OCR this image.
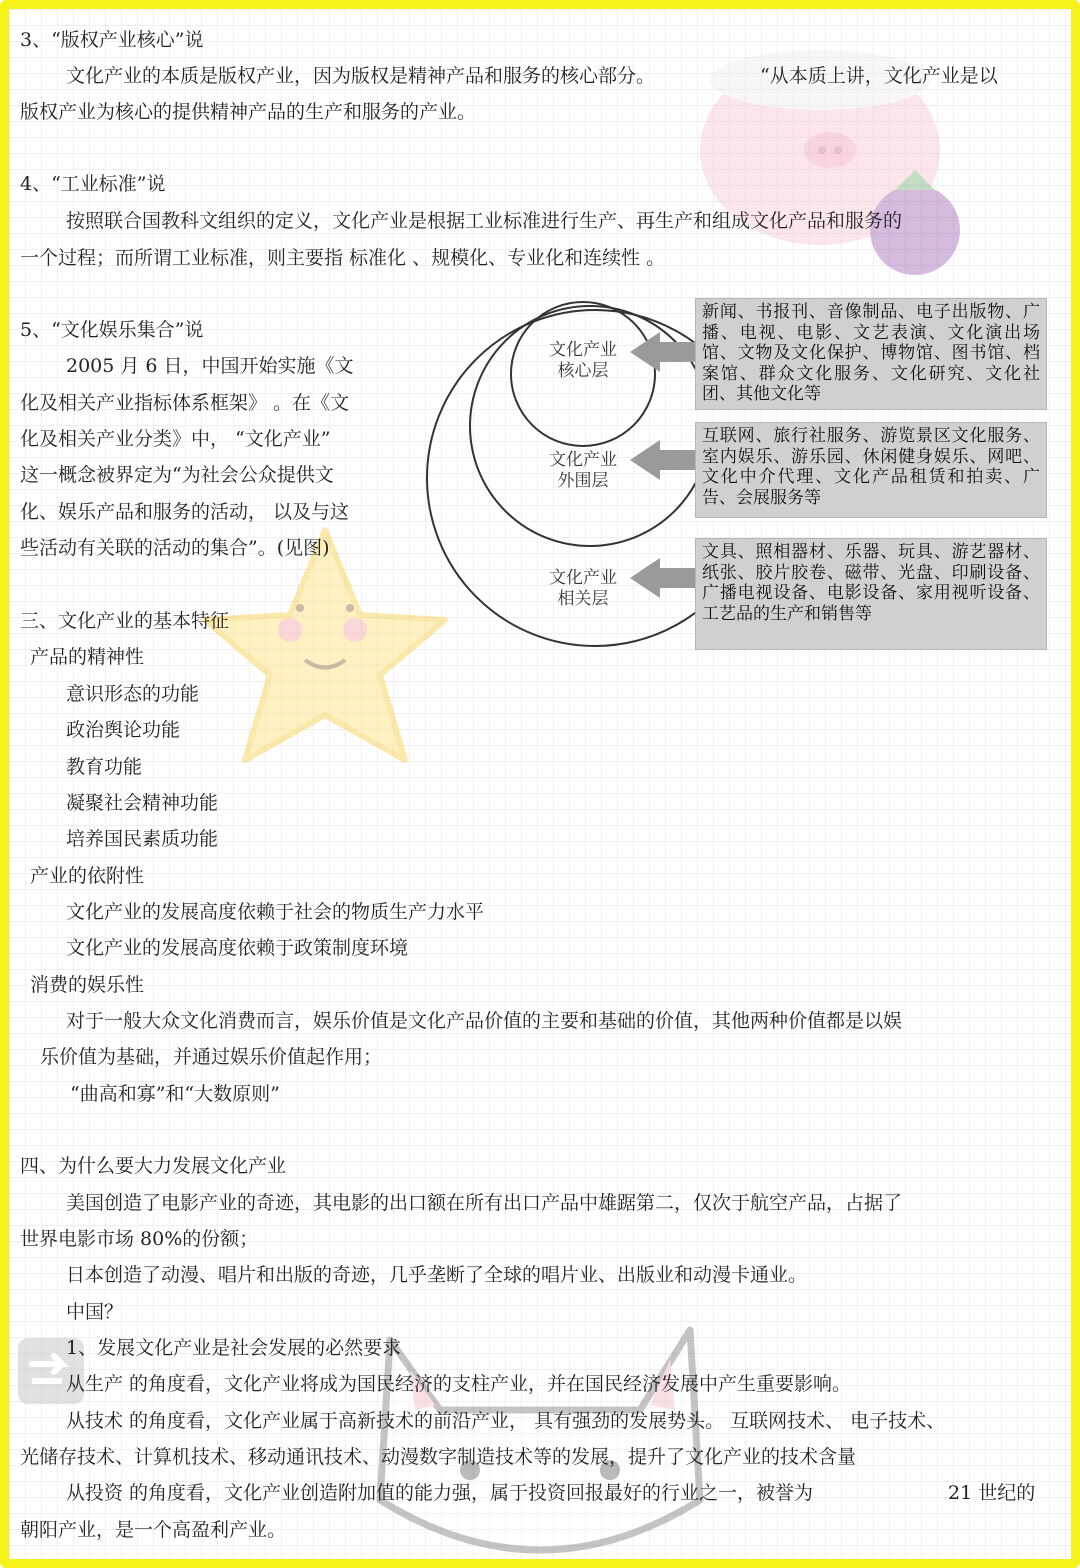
3、“版权产业核心”说
文化产业的本质是版权产业，因为版权是精神产品和服务的核心部分。	“从本质上讲，文化产业是以
版权产业为核心的提供精神产品的生产和服务的产业。
4、“工业标准”说
按照联合国教科文组织的定义，文化产业是根据工业标准进行生产、再生产和组成文化产品和服务的
一个过程；而所谓工业标准，则主要指 标准化 、规模化、专业化和连续性 。
5、“文化娱乐集合”说
2005 月 6 日，中国开始实施《文
化及相关产业指标体系框架》 。在《文
化及相关产业分类》中， “文化产业”
这一概念被界定为“为社会公众提供文
化、娱乐产品和服务的活动， 以及与这
些活动有关联的活动的集合”。(见图)
文化产业
核心层
文化产业
外围层
文化产业
相关层
新闻、书报刊、音像制品、电子出版物、广播、电视、电影、文艺表演、文化演出场馆、文物及文化保护、博物馆、图书馆、档案馆、群众文化服务、文化研究、文化社团、其他文化等
互联网、旅行社服务、游览景区文化服务、室内娱乐、游乐园、休闲健身娱乐、网吧、文化中介代理、文化产品租赁和拍卖、广告、会展服务等
文具、照相器材、乐器、玩具、游艺器材、纸张、胶片胶卷、磁带、光盘、印刷设备、广播电视设备、电影设备、家用视听设备、工艺品的生产和销售等
三、文化产业的基本特征
产品的精神性
意识形态的功能
政治舆论功能
教育功能
凝聚社会精神功能
培养国民素质功能
产业的依附性
文化产业的发展高度依赖于社会的物质生产力水平
文化产业的发展高度依赖于政策制度环境
消费的娱乐性
对于一般大众文化消费而言，娱乐价值是文化产品价值的主要和基础的价值，其他两种价值都是以娱
乐价值为基础，并通过娱乐价值起作用；
“曲高和寡”和“大数原则”
四、为什么要大力发展文化产业
美国创造了电影产业的奇迹，其电影的出口额在所有出口产品中雄踞第二，仅次于航空产品，占据了
世界电影市场 80%的份额；
日本创造了动漫、唱片和出版的奇迹，几乎垄断了全球的唱片业、出版业和动漫卡通业。
中国？
1、发展文化产业是社会发展的必然要求
从生产 的角度看，文化产业将成为国民经济的支柱产业，并在国民经济发展中产生重要影响。
从技术 的角度看，文化产业属于高新技术的前沿产业， 具有强劲的发展势头。 互联网技术、 电子技术、
光储存技术、计算机技术、移动通讯技术、动漫数字制造技术等的发展，提升了文化产业的技术含量
从投资 的角度看，文化产业创造附加值的能力强，属于投资回报最好的行业之一，被誉为	21 世纪的
朝阳产业，是一个高盈利产业。
